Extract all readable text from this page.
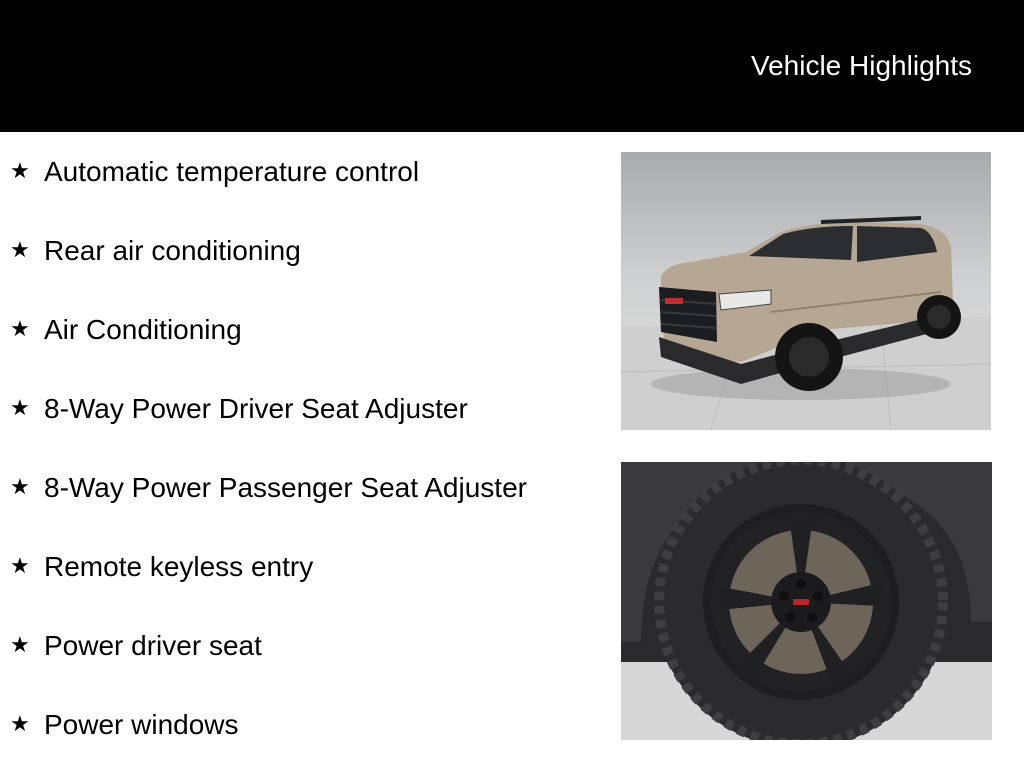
Vehicle Highlights
★ Automatic temperature control
★ Rear air conditioning
★ Air Conditioning
★ 8-Way Power Driver Seat Adjuster
★ 8-Way Power Passenger Seat Adjuster
★ Remote keyless entry
★ Power driver seat
★ Power windows
